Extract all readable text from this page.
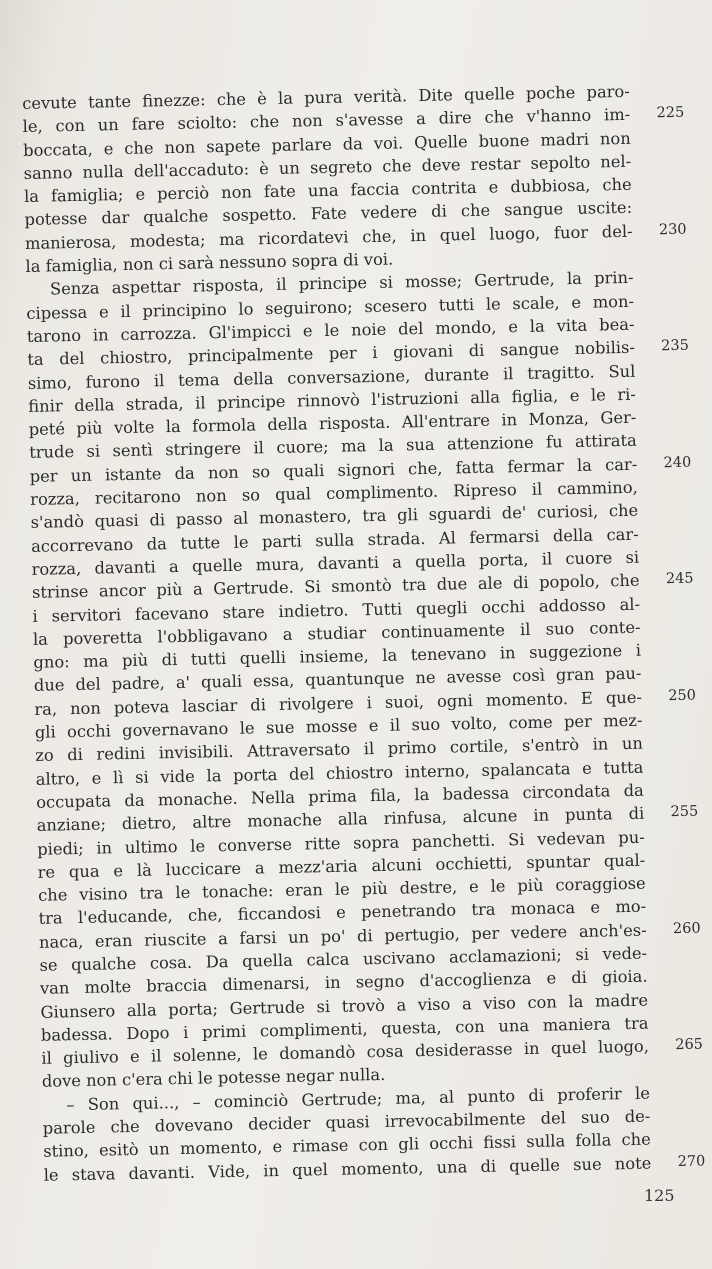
cevute tante finezze: che è la pura verità. Dite quelle poche paro-
le, con un fare sciolto: che non s'avesse a dire che v'hanno im- 225
boccata, e che non sapete parlare da voi. Quelle buone madri non
sanno nulla dell'accaduto: è un segreto che deve restar sepolto nel-
la famiglia; e perciò non fate una faccia contrita e dubbiosa, che
potesse dar qualche sospetto. Fate vedere di che sangue uscite:
manierosa, modesta; ma ricordatevi che, in quel luogo, fuor del- 230
la famiglia, non ci sarà nessuno sopra di voi.
Senza aspettar risposta, il principe si mosse; Gertrude, la prin-
cipessa e il principino lo seguirono; scesero tutti le scale, e mon-
tarono in carrozza. Gl'impicci e le noie del mondo, e la vita bea-
ta del chiostro, principalmente per i giovani di sangue nobilis- 235
simo, furono il tema della conversazione, durante il tragitto. Sul
finir della strada, il principe rinnovò l'istruzioni alla figlia, e le ri-
peté più volte la formola della risposta. All'entrare in Monza, Ger-
trude si sentì stringere il cuore; ma la sua attenzione fu attirata
per un istante da non so quali signori che, fatta fermar la car- 240
rozza, recitarono non so qual complimento. Ripreso il cammino,
s'andò quasi di passo al monastero, tra gli sguardi de' curiosi, che
accorrevano da tutte le parti sulla strada. Al fermarsi della car-
rozza, davanti a quelle mura, davanti a quella porta, il cuore si
strinse ancor più a Gertrude. Si smontò tra due ale di popolo, che 245
i servitori facevano stare indietro. Tutti quegli occhi addosso al-
la poveretta l'obbligavano a studiar continuamente il suo conte-
gno: ma più di tutti quelli insieme, la tenevano in suggezione i
due del padre, a' quali essa, quantunque ne avesse così gran pau-
ra, non poteva lasciar di rivolgere i suoi, ogni momento. E que- 250
gli occhi governavano le sue mosse e il suo volto, come per mez-
zo di redini invisibili. Attraversato il primo cortile, s'entrò in un
altro, e lì si vide la porta del chiostro interno, spalancata e tutta
occupata da monache. Nella prima fila, la badessa circondata da
anziane; dietro, altre monache alla rinfusa, alcune in punta di 255
piedi; in ultimo le converse ritte sopra panchetti. Si vedevan pu-
re qua e là luccicare a mezz'aria alcuni occhietti, spuntar qual-
che visino tra le tonache: eran le più destre, e le più coraggiose
tra l'educande, che, ficcandosi e penetrando tra monaca e mo-
naca, eran riuscite a farsi un po' di pertugio, per vedere anch'es- 260
se qualche cosa. Da quella calca uscivano acclamazioni; si vede-
van molte braccia dimenarsi, in segno d'accoglienza e di gioia.
Giunsero alla porta; Gertrude si trovò a viso a viso con la madre
badessa. Dopo i primi complimenti, questa, con una maniera tra
il giulivo e il solenne, le domandò cosa desiderasse in quel luogo, 265
dove non c'era chi le potesse negar nulla.
– Son qui..., – cominciò Gertrude; ma, al punto di proferir le
parole che dovevano decider quasi irrevocabilmente del suo de-
stino, esitò un momento, e rimase con gli occhi fissi sulla folla che
le stava davanti. Vide, in quel momento, una di quelle sue note 270
125
